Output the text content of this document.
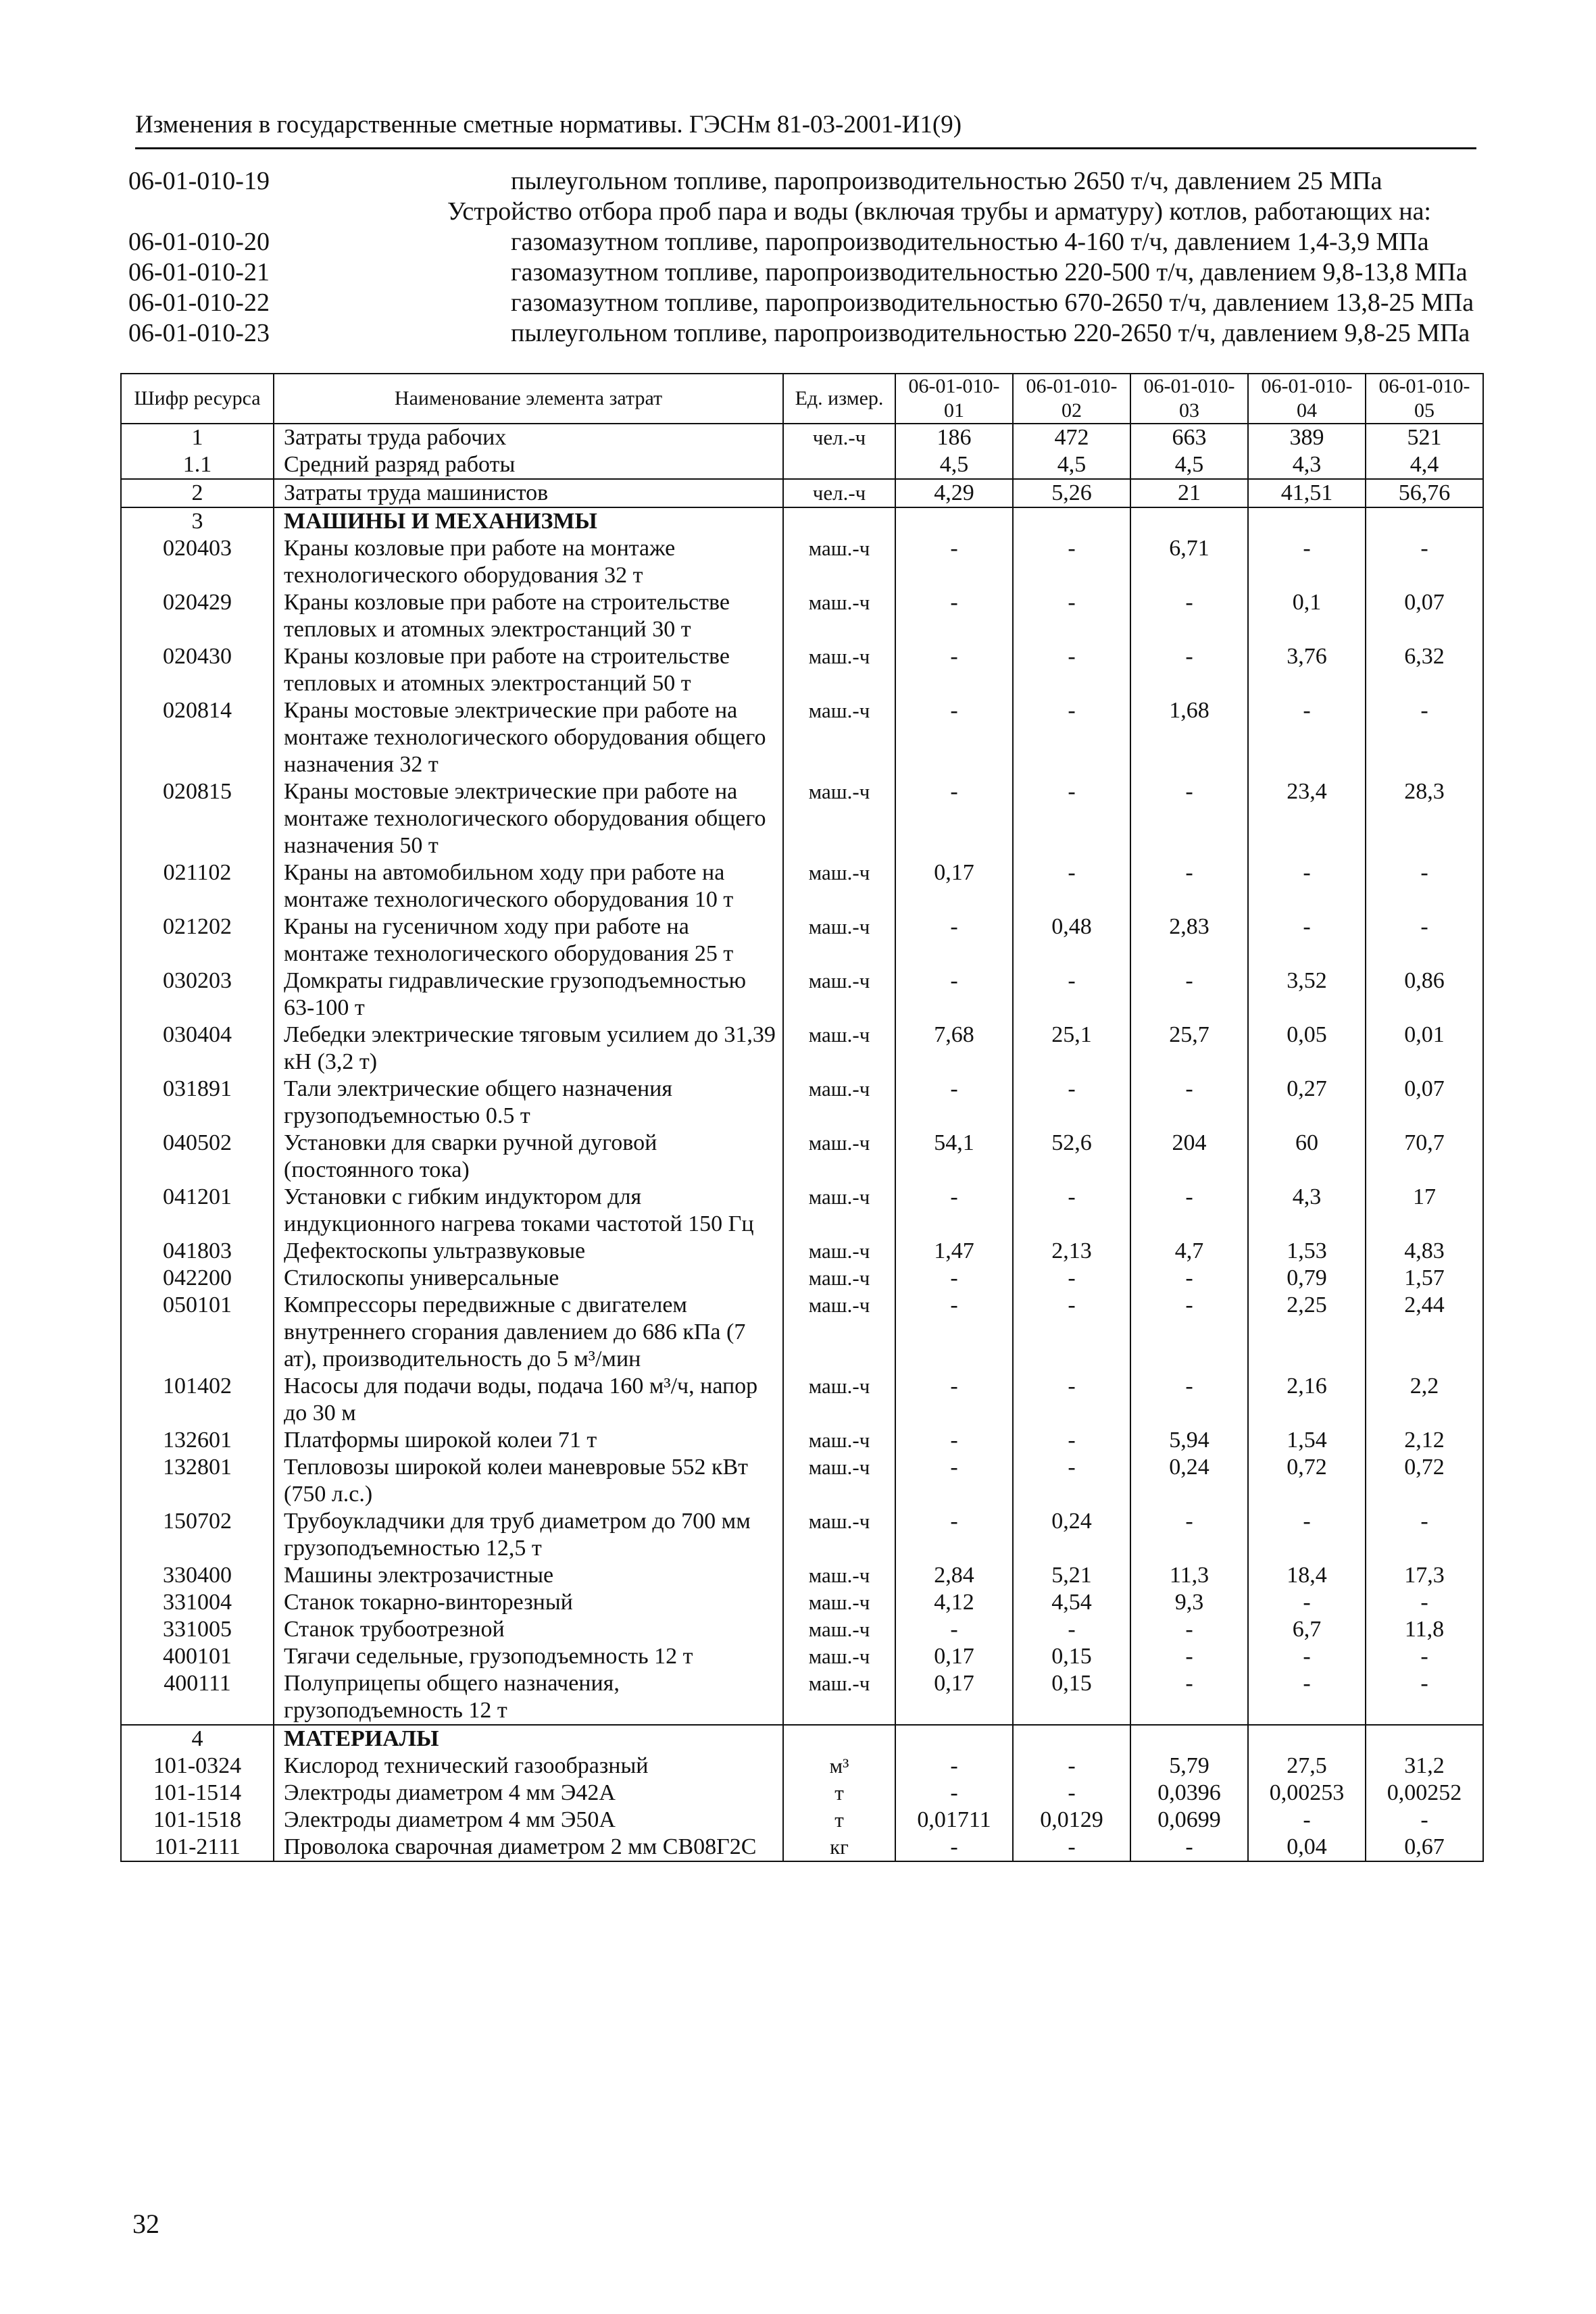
Изменения в государственные сметные нормативы. ГЭСНм 81-03-2001-И1(9)
06-01-010-19	пылеугольном топливе, паропроизводительностью 2650 т/ч, давлением 25 МПа
Устройство отбора проб пара и воды (включая трубы и арматуру) котлов, работающих на:
06-01-010-20	газомазутном топливе, паропроизводительностью 4-160 т/ч, давлением 1,4-3,9 МПа
06-01-010-21	газомазутном топливе, паропроизводительностью 220-500 т/ч, давлением 9,8-13,8 МПа
06-01-010-22	газомазутном топливе, паропроизводительностью 670-2650 т/ч, давлением 13,8-25 МПа
06-01-010-23	пылеугольном топливе, паропроизводительностью 220-2650 т/ч, давлением 9,8-25 МПа
Шифр ресурса	Наименование элемента затрат	Ед. измер.	06-01-010-01	06-01-010-02	06-01-010-03	06-01-010-04	06-01-010-05
1	Затраты труда рабочих	чел.-ч	186	472	663	389	521
1.1	Средний разряд работы		4,5	4,5	4,5	4,3	4,4
2	Затраты труда машинистов	чел.-ч	4,29	5,26	21	41,51	56,76
3	МАШИНЫ И МЕХАНИЗМЫ						
020403	Краны козловые при работе на монтаже технологического оборудования 32 т	маш.-ч	-	-	6,71	-	-
020429	Краны козловые при работе на строительстве тепловых и атомных электростанций 30 т	маш.-ч	-	-	-	0,1	0,07
020430	Краны козловые при работе на строительстве тепловых и атомных электростанций 50 т	маш.-ч	-	-	-	3,76	6,32
020814	Краны мостовые электрические при работе на монтаже технологического оборудования общего назначения 32 т	маш.-ч	-	-	1,68	-	-
020815	Краны мостовые электрические при работе на монтаже технологического оборудования общего назначения 50 т	маш.-ч	-	-	-	23,4	28,3
021102	Краны на автомобильном ходу при работе на монтаже технологического оборудования 10 т	маш.-ч	0,17	-	-	-	-
021202	Краны на гусеничном ходу при работе на монтаже технологического оборудования 25 т	маш.-ч	-	0,48	2,83	-	-
030203	Домкраты гидравлические грузоподъемностью 63-100 т	маш.-ч	-	-	-	3,52	0,86
030404	Лебедки электрические тяговым усилием до 31,39 кН (3,2 т)	маш.-ч	7,68	25,1	25,7	0,05	0,01
031891	Тали электрические общего назначения грузоподъемностью 0.5 т	маш.-ч	-	-	-	0,27	0,07
040502	Установки для сварки ручной дуговой (постоянного тока)	маш.-ч	54,1	52,6	204	60	70,7
041201	Установки с гибким индуктором для индукционного нагрева токами частотой 150 Гц	маш.-ч	-	-	-	4,3	17
041803	Дефектоскопы ультразвуковые	маш.-ч	1,47	2,13	4,7	1,53	4,83
042200	Стилоскопы универсальные	маш.-ч	-	-	-	0,79	1,57
050101	Компрессоры передвижные с двигателем внутреннего сгорания давлением до 686 кПа (7 ат), производительность до 5 м³/мин	маш.-ч	-	-	-	2,25	2,44
101402	Насосы для подачи воды, подача 160 м³/ч, напор до 30 м	маш.-ч	-	-	-	2,16	2,2
132601	Платформы широкой колеи 71 т	маш.-ч	-	-	5,94	1,54	2,12
132801	Тепловозы широкой колеи маневровые 552 кВт (750 л.с.)	маш.-ч	-	-	0,24	0,72	0,72
150702	Трубоукладчики для труб диаметром до 700 мм грузоподъемностью 12,5 т	маш.-ч	-	0,24	-	-	-
330400	Машины электрозачистные	маш.-ч	2,84	5,21	11,3	18,4	17,3
331004	Станок токарно-винторезный	маш.-ч	4,12	4,54	9,3	-	-
331005	Станок трубоотрезной	маш.-ч	-	-	-	6,7	11,8
400101	Тягачи седельные, грузоподъемность 12 т	маш.-ч	0,17	0,15	-	-	-
400111	Полуприцепы общего назначения, грузоподъемность 12 т	маш.-ч	0,17	0,15	-	-	-
4	МАТЕРИАЛЫ						
101-0324	Кислород технический газообразный	м³	-	-	5,79	27,5	31,2
101-1514	Электроды диаметром 4 мм Э42А	т	-	-	0,0396	0,00253	0,00252
101-1518	Электроды диаметром 4 мм Э50А	т	0,01711	0,0129	0,0699	-	-
101-2111	Проволока сварочная диаметром 2 мм СВ08Г2С	кг	-	-	-	0,04	0,67
32
